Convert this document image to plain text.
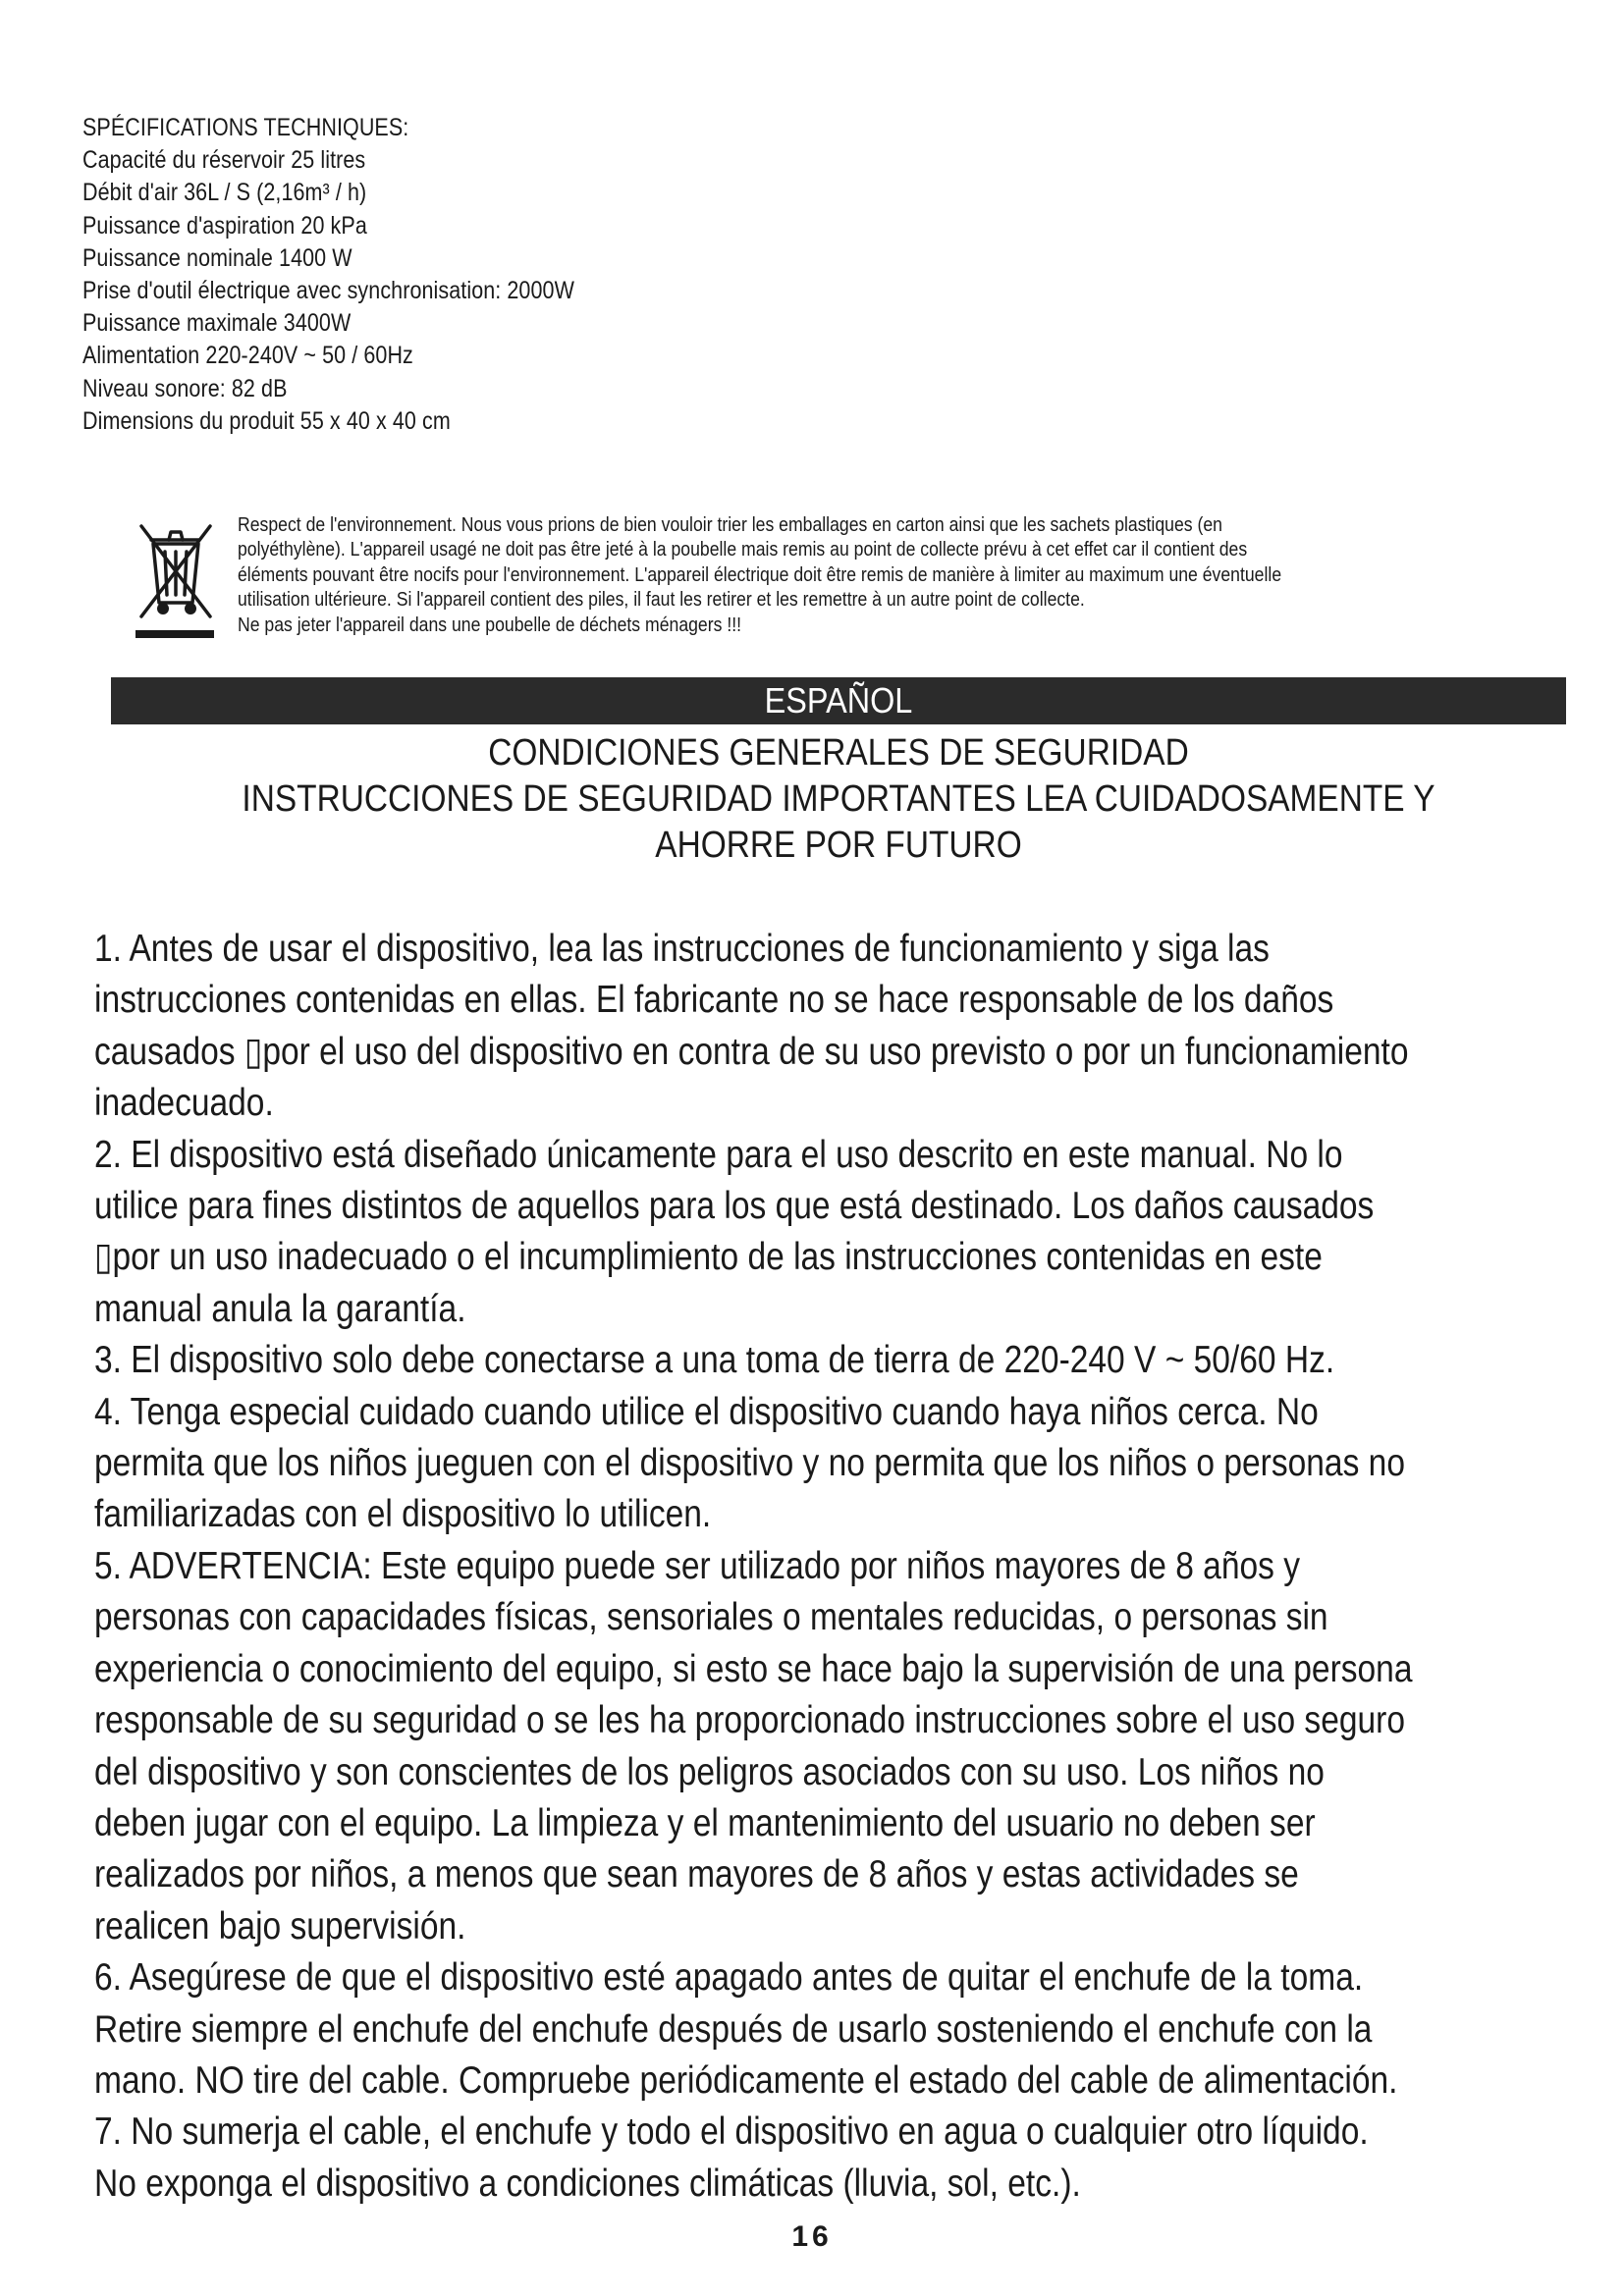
SPÉCIFICATIONS TECHNIQUES:
Capacité du réservoir 25 litres
Débit d'air 36L / S (2,16m³ / h)
Puissance d'aspiration 20 kPa
Puissance nominale 1400 W
Prise d'outil électrique avec synchronisation: 2000W
Puissance maximale 3400W
Alimentation 220-240V ~ 50 / 60Hz
Niveau sonore: 82 dB
Dimensions du produit 55 x 40 x 40 cm
Respect de l'environnement. Nous vous prions de bien vouloir trier les emballages en carton ainsi que les sachets plastiques (en
polyéthylène). L'appareil usagé ne doit pas être jeté à la poubelle mais remis au point de collecte prévu à cet effet car il contient des
éléments pouvant être nocifs pour l'environnement. L'appareil électrique doit être remis de manière à limiter au maximum une éventuelle
utilisation ultérieure. Si l'appareil contient des piles, il faut les retirer et les remettre à un autre point de collecte.
Ne pas jeter l'appareil dans une poubelle de déchets ménagers !!!
ESPAÑOL
CONDICIONES GENERALES DE SEGURIDAD
INSTRUCCIONES DE SEGURIDAD IMPORTANTES LEA CUIDADOSAMENTE Y
AHORRE POR FUTURO
1. Antes de usar el dispositivo, lea las instrucciones de funcionamiento y siga las
instrucciones contenidas en ellas. El fabricante no se hace responsable de los daños
causados ▯por el uso del dispositivo en contra de su uso previsto o por un funcionamiento
inadecuado.
2. El dispositivo está diseñado únicamente para el uso descrito en este manual. No lo
utilice para fines distintos de aquellos para los que está destinado. Los daños causados
▯por un uso inadecuado o el incumplimiento de las instrucciones contenidas en este
manual anula la garantía.
3. El dispositivo solo debe conectarse a una toma de tierra de 220-240 V ~ 50/60 Hz.
4. Tenga especial cuidado cuando utilice el dispositivo cuando haya niños cerca. No
permita que los niños jueguen con el dispositivo y no permita que los niños o personas no
familiarizadas con el dispositivo lo utilicen.
5. ADVERTENCIA: Este equipo puede ser utilizado por niños mayores de 8 años y
personas con capacidades físicas, sensoriales o mentales reducidas, o personas sin
experiencia o conocimiento del equipo, si esto se hace bajo la supervisión de una persona
responsable de su seguridad o se les ha proporcionado instrucciones sobre el uso seguro
del dispositivo y son conscientes de los peligros asociados con su uso. Los niños no
deben jugar con el equipo. La limpieza y el mantenimiento del usuario no deben ser
realizados por niños, a menos que sean mayores de 8 años y estas actividades se
realicen bajo supervisión.
6. Asegúrese de que el dispositivo esté apagado antes de quitar el enchufe de la toma.
Retire siempre el enchufe del enchufe después de usarlo sosteniendo el enchufe con la
mano. NO tire del cable. Compruebe periódicamente el estado del cable de alimentación.
7. No sumerja el cable, el enchufe y todo el dispositivo en agua o cualquier otro líquido.
No exponga el dispositivo a condiciones climáticas (lluvia, sol, etc.).
16
